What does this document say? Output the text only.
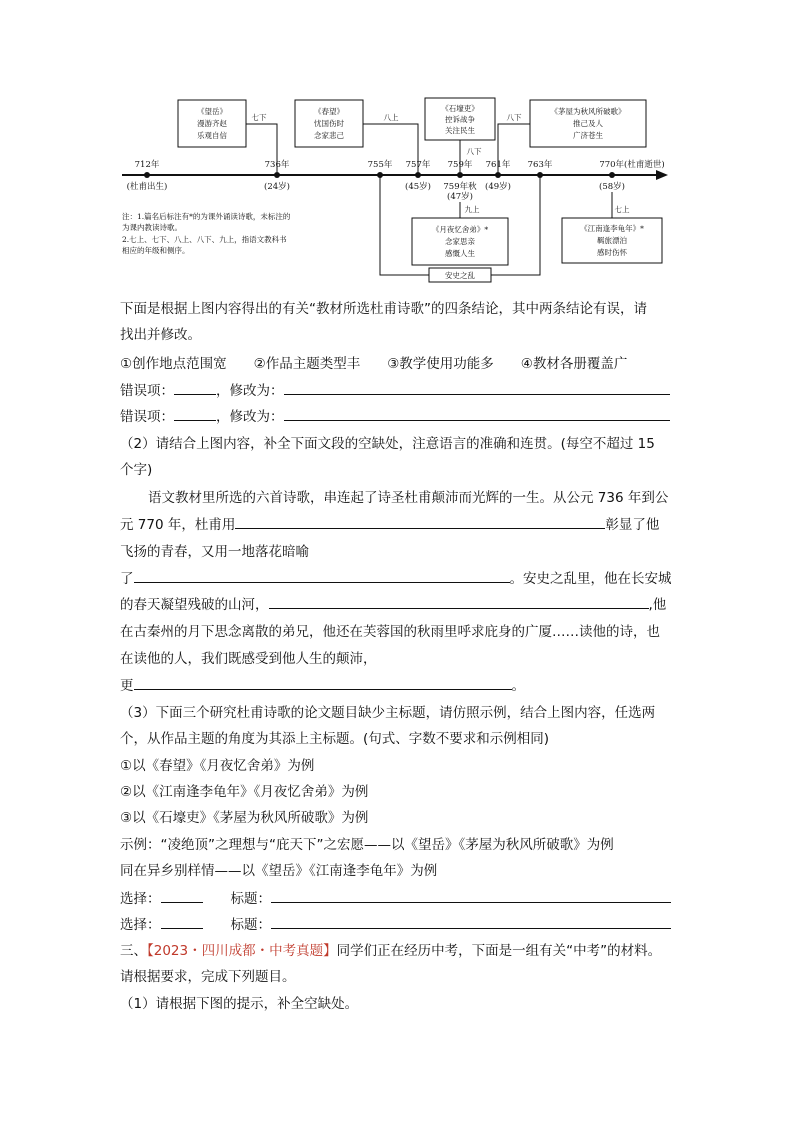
712年	736年	755年 757年 759年 761年 763年	770年(杜甫逝世)
(杜甫出生)	(24岁)	(45岁) 759年秋
(47岁)
(49岁)	(58岁)
《望岳》
漫游齐赵
乐观自信
七下
《春望》
忧国伤时
念家悲己
八上
《石壕吏》
控诉战争
关注民生
八下
《茅屋为秋风所破歌》
推己及人
广济苍生
八下
九上
《月夜忆舍弟》*
念家思亲
感慨人生
七上
《江南逢李龟年》*
羁旅漂泊
感时伤怀
安史之乱
注：1.篇名后标注有*的为课外诵读诗歌，未标注的
为课内教读诗歌。
2.七上、七下、八上、八下、九上，指语文教科书
相应的年级和侧序。
下面是根据上图内容得出的有关“教材所选杜甫诗歌”的四条结论，其中两条结论有误，请
找出并修改。
①创作地点范围宽　　②作品主题类型丰　　③教学使用功能多　　④教材各册覆盖广
错误项：	，修改为：
错误项：	，修改为：
（2）请结合上图内容，补全下面文段的空缺处，注意语言的准确和连贯。(每空不超过 15
个字)
语文教材里所选的六首诗歌，串连起了诗圣杜甫颠沛而光辉的一生。从公元 736 年到公
元 770 年，杜甫用	彰显了他
飞扬的青春，又用一地落花暗喻
了	。安史之乱里，他在长安城
的春天凝望残破的山河，	,他
在古秦州的月下思念离散的弟兄，他还在芙蓉国的秋雨里呼求庇身的广厦……读他的诗，也
在读他的人，我们既感受到他人生的颠沛，
更	。
（3）下面三个研究杜甫诗歌的论文题目缺少主标题，请仿照示例，结合上图内容，任选两
个，从作品主题的角度为其添上主标题。(句式、字数不要求和示例相同)
①以《春望》《月夜忆舍弟》为例
②以《江南逢李龟年》《月夜忆舍弟》为例
③以《石壕吏》《茅屋为秋风所破歌》为例
示例：“凌绝顶”之理想与“庇天下”之宏愿——以《望岳》《茅屋为秋风所破歌》为例
同在异乡别样情——以《望岳》《江南逢李龟年》为例
选择：	标题：
选择：	标题：
三、【2023・四川成都・中考真题】同学们正在经历中考，下面是一组有关“中考”的材料。
请根据要求，完成下列题目。
（1）请根据下图的提示，补全空缺处。
